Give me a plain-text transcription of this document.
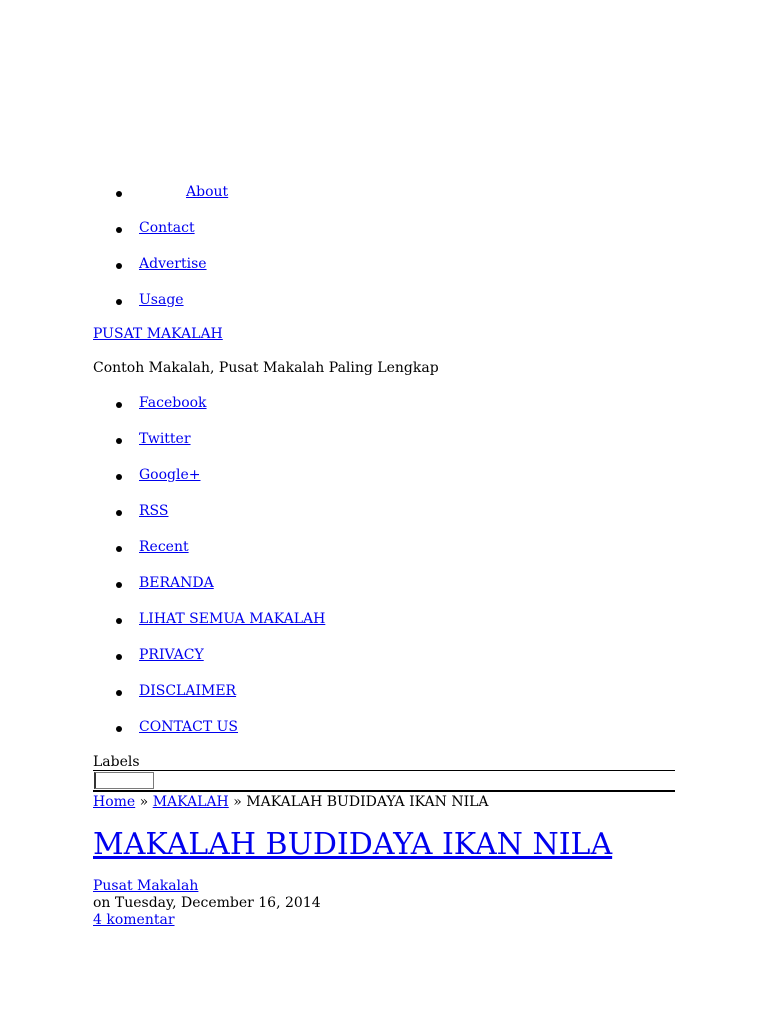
About
Contact
Advertise
Usage
PUSAT MAKALAH
Contoh Makalah, Pusat Makalah Paling Lengkap
Facebook
Twitter
Google+
RSS
Recent
BERANDA
LIHAT SEMUA MAKALAH
PRIVACY
DISCLAIMER
CONTACT US
Labels
Home » MAKALAH » MAKALAH BUDIDAYA IKAN NILA
MAKALAH BUDIDAYA IKAN NILA
Pusat Makalah
on Tuesday, December 16, 2014
4 komentar
